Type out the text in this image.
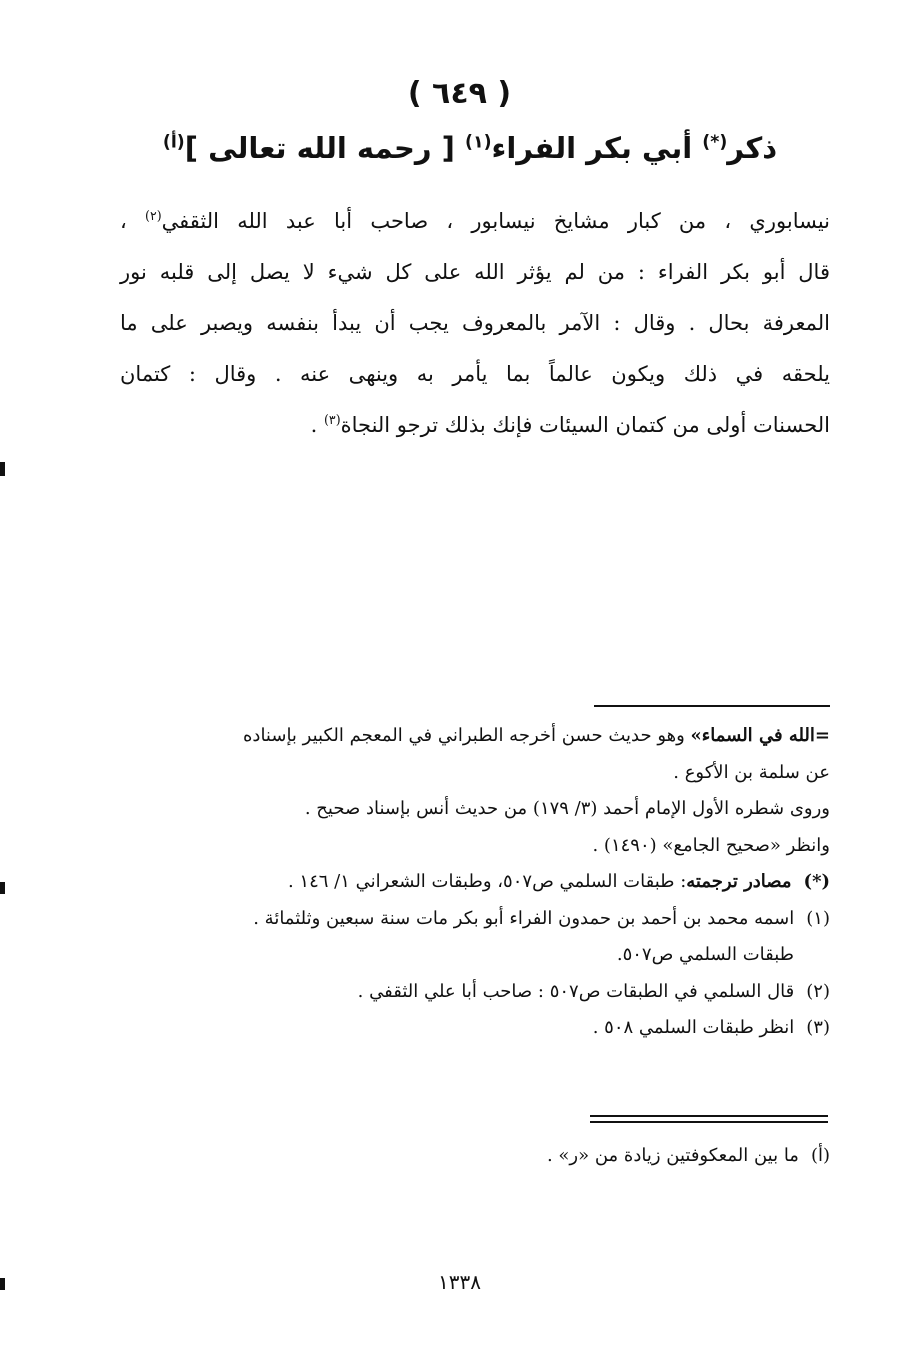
( ٦٤٩ )
ذكر(*) أبي بكر الفراء$^{(١)}$ [ رحمه الله تعالى ]$^{(أ)}$
نيسابوري ، من كبار مشايخ نيسابور ، صاحب أبا عبد الله الثقفي$^{(٢)}$ ،
قال أبو بكر الفراء : من لم يؤثر الله على كل شيء لا يصل إلى قلبه نور
المعرفة بحال . وقال : الآمر بالمعروف يجب أن يبدأ بنفسه ويصبر على ما
يلحقه في ذلك ويكون عالماً بما يأمر به وينهى عنه . وقال : كتمان
الحسنات أولى من كتمان السيئات فإنك بذلك ترجو النجاة$^{(٣)}$ .
=الله في السماء» وهو حديث حسن أخرجه الطبراني في المعجم الكبير بإسناده
عن سلمة بن الأكوع .
وروى شطره الأول الإمام أحمد (٣/ ١٧٩) من حديث أنس بإسناد صحيح .
وانظر «صحيح الجامع» (١٤٩٠) .
(*)مصادر ترجمته: طبقات السلمي ص٥٠٧، وطبقات الشعراني ١/ ١٤٦ .
(١)اسمه محمد بن أحمد بن حمدون الفراء أبو بكر مات سنة سبعين وثلثمائة .
طبقات السلمي ص٥٠٧.
(٢)قال السلمي في الطبقات ص٥٠٧ : صاحب أبا علي الثقفي .
(٣)انظر طبقات السلمي ٥٠٨ .
(أ)ما بين المعكوفتين زيادة من «ر» .
١٣٣٨
